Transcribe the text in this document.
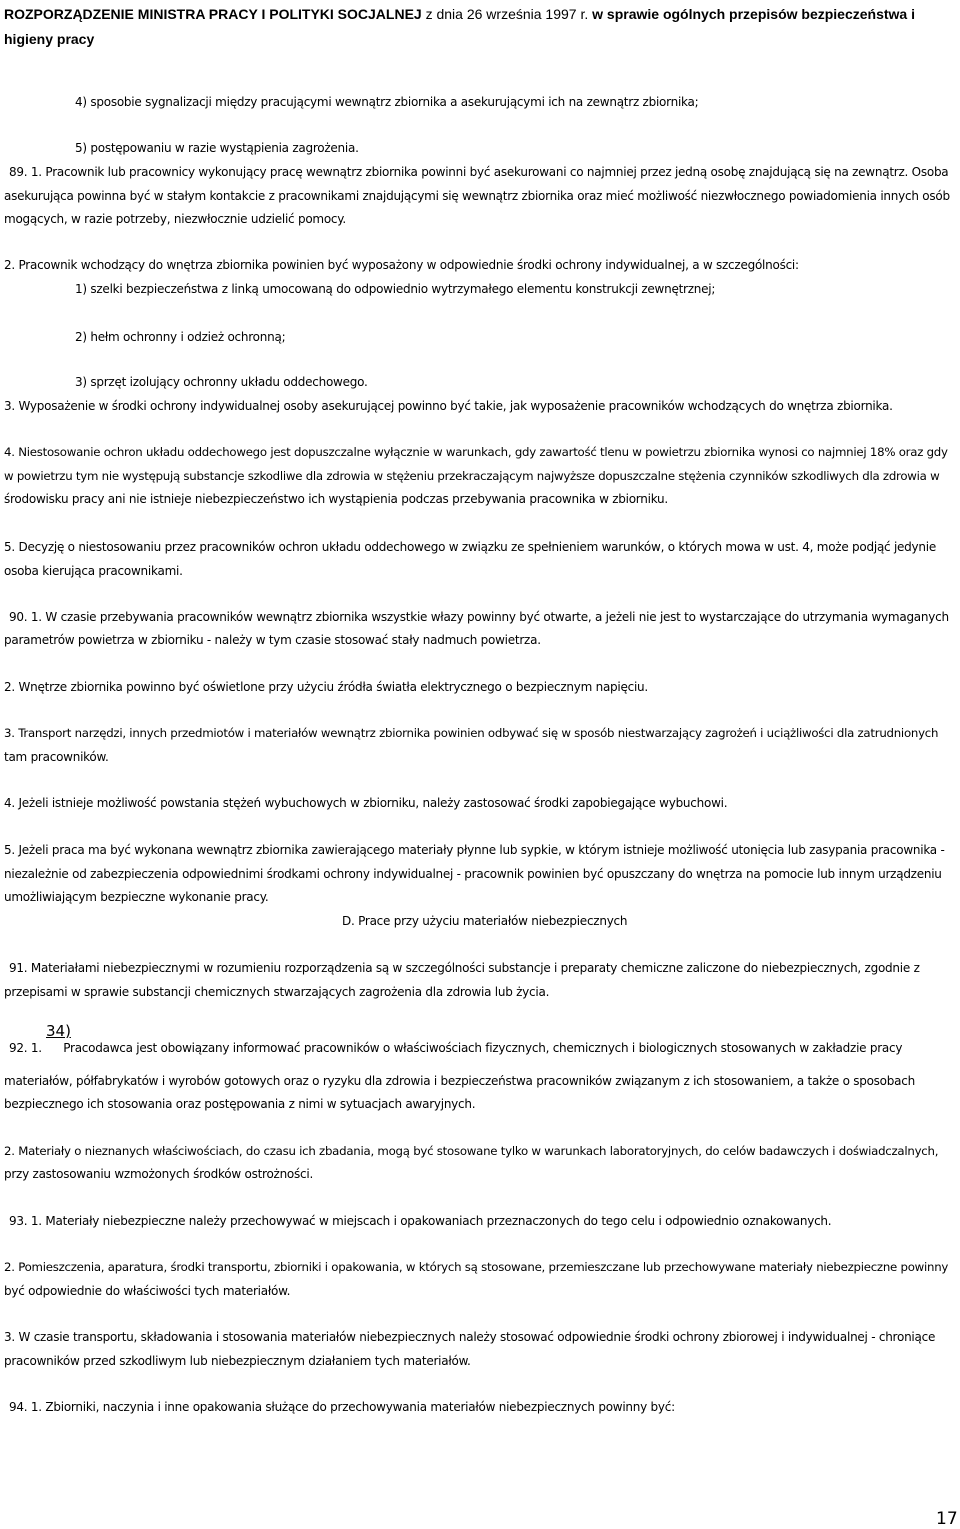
ROZPORZĄDZENIE MINISTRA PRACY I POLITYKI SOCJALNEJ z dnia 26 września 1997 r. w sprawie ogólnych przepisów bezpieczeństwa i higieny pracy
4) sposobie sygnalizacji między pracującymi wewnątrz zbiornika a asekurującymi ich na zewnątrz zbiornika;
5) postępowaniu w razie wystąpienia zagrożenia.
89. 1. Pracownik lub pracownicy wykonujący pracę wewnątrz zbiornika powinni być asekurowani co najmniej przez jedną osobę znajdującą się na zewnątrz. Osoba
asekurująca powinna być w stałym kontakcie z pracownikami znajdującymi się wewnątrz zbiornika oraz mieć możliwość niezwłocznego powiadomienia innych osób
mogących, w razie potrzeby, niezwłocznie udzielić pomocy.
2. Pracownik wchodzący do wnętrza zbiornika powinien być wyposażony w odpowiednie środki ochrony indywidualnej, a w szczególności:
1) szelki bezpieczeństwa z linką umocowaną do odpowiednio wytrzymałego elementu konstrukcji zewnętrznej;
2) hełm ochronny i odzież ochronną;
3) sprzęt izolujący ochronny układu oddechowego.
3. Wyposażenie w środki ochrony indywidualnej osoby asekurującej powinno być takie, jak wyposażenie pracowników wchodzących do wnętrza zbiornika.
4. Niestosowanie ochron układu oddechowego jest dopuszczalne wyłącznie w warunkach, gdy zawartość tlenu w powietrzu zbiornika wynosi co najmniej 18% oraz gdy
w powietrzu tym nie występują substancje szkodliwe dla zdrowia w stężeniu przekraczającym najwyższe dopuszczalne stężenia czynników szkodliwych dla zdrowia w
środowisku pracy ani nie istnieje niebezpieczeństwo ich wystąpienia podczas przebywania pracownika w zbiorniku.
5. Decyzję o niestosowaniu przez pracowników ochron układu oddechowego w związku ze spełnieniem warunków, o których mowa w ust. 4, może podjąć jedynie
osoba kierująca pracownikami.
90. 1. W czasie przebywania pracowników wewnątrz zbiornika wszystkie włazy powinny być otwarte, a jeżeli nie jest to wystarczające do utrzymania wymaganych
parametrów powietrza w zbiorniku - należy w tym czasie stosować stały nadmuch powietrza.
2. Wnętrze zbiornika powinno być oświetlone przy użyciu źródła światła elektrycznego o bezpiecznym napięciu.
3. Transport narzędzi, innych przedmiotów i materiałów wewnątrz zbiornika powinien odbywać się w sposób niestwarzający zagrożeń i uciążliwości dla zatrudnionych
tam pracowników.
4. Jeżeli istnieje możliwość powstania stężeń wybuchowych w zbiorniku, należy zastosować środki zapobiegające wybuchowi.
5. Jeżeli praca ma być wykonana wewnątrz zbiornika zawierającego materiały płynne lub sypkie, w którym istnieje możliwość utonięcia lub zasypania pracownika -
niezależnie od zabezpieczenia odpowiednimi środkami ochrony indywidualnej - pracownik powinien być opuszczany do wnętrza na pomocie lub innym urządzeniu
umożliwiającym bezpieczne wykonanie pracy.
D. Prace przy użyciu materiałów niebezpiecznych
91. Materiałami niebezpiecznymi w rozumieniu rozporządzenia są w szczególności substancje i preparaty chemiczne zaliczone do niebezpiecznych, zgodnie z
przepisami w sprawie substancji chemicznych stwarzających zagrożenia dla zdrowia lub życia.
34)
92. 1.      Pracodawca jest obowiązany informować pracowników o właściwościach fizycznych, chemicznych i biologicznych stosowanych w zakładzie pracy
materiałów, półfabrykatów i wyrobów gotowych oraz o ryzyku dla zdrowia i bezpieczeństwa pracowników związanym z ich stosowaniem, a także o sposobach
bezpiecznego ich stosowania oraz postępowania z nimi w sytuacjach awaryjnych.
2. Materiały o nieznanych właściwościach, do czasu ich zbadania, mogą być stosowane tylko w warunkach laboratoryjnych, do celów badawczych i doświadczalnych,
przy zastosowaniu wzmożonych środków ostrożności.
93. 1. Materiały niebezpieczne należy przechowywać w miejscach i opakowaniach przeznaczonych do tego celu i odpowiednio oznakowanych.
2. Pomieszczenia, aparatura, środki transportu, zbiorniki i opakowania, w których są stosowane, przemieszczane lub przechowywane materiały niebezpieczne powinny
być odpowiednie do właściwości tych materiałów.
3. W czasie transportu, składowania i stosowania materiałów niebezpiecznych należy stosować odpowiednie środki ochrony zbiorowej i indywidualnej - chroniące
pracowników przed szkodliwym lub niebezpiecznym działaniem tych materiałów.
94. 1. Zbiorniki, naczynia i inne opakowania służące do przechowywania materiałów niebezpiecznych powinny być:
17
